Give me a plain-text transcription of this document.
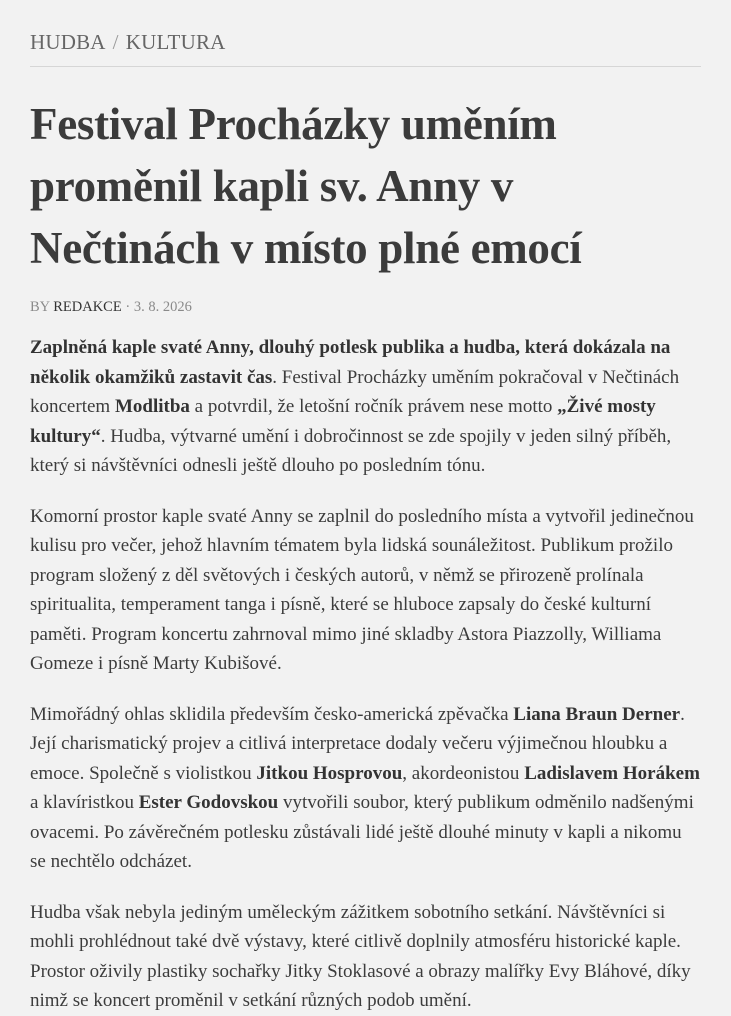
HUDBA / KULTURA
Festival Procházky uměním proměnil kapli sv. Anny v Nečtinách v místo plné emocí
BY REDAKCE · 3. 8. 2026

Zaplněná kaple svaté Anny, dlouhý potlesk publika a hudba, která dokázala na několik okamžiků zastavit čas. Festival Procházky uměním pokračoval v Nečtinách koncertem Modlitba a potvrdil, že letošní ročník právem nese motto „Živé mosty kultury“. Hudba, výtvarné umění i dobročinnost se zde spojily v jeden silný příběh, který si návštěvníci odnesli ještě dlouho po posledním tónu.

Komorní prostor kaple svaté Anny se zaplnil do posledního místa a vytvořil jedinečnou kulisu pro večer, jehož hlavním tématem byla lidská sounáležitost. Publikum prožilo program složený z děl světových i českých autorů, v němž se přirozeně prolínala spiritualita, temperament tanga i písně, které se hluboce zapsaly do české kulturní paměti. Program koncertu zahrnoval mimo jiné skladby Astora Piazzolly, Williama Gomeze i písně Marty Kubišové.

Mimořádný ohlas sklidila především česko-americká zpěvačka Liana Braun Derner. Její charismatický projev a citlivá interpretace dodaly večeru výjimečnou hloubku a emoce. Společně s violistkou Jitkou Hosprovou, akordeonistou Ladislavem Horákem a klavíristkou Ester Godovskou vytvořili soubor, který publikum odměnilo nadšenými ovacemi. Po závěrečném potlesku zůstávali lidé ještě dlouhé minuty v kapli a nikomu se nechtělo odcházet.

Hudba však nebyla jediným uměleckým zážitkem sobotního setkání. Návštěvníci si mohli prohlédnout také dvě výstavy, které citlivě doplnily atmosféru historické kaple. Prostor oživily plastiky sochařky Jitky Stoklasové a obrazy malířky Evy Bláhové, díky nimž se koncert proměnil v setkání různých podob umění.
